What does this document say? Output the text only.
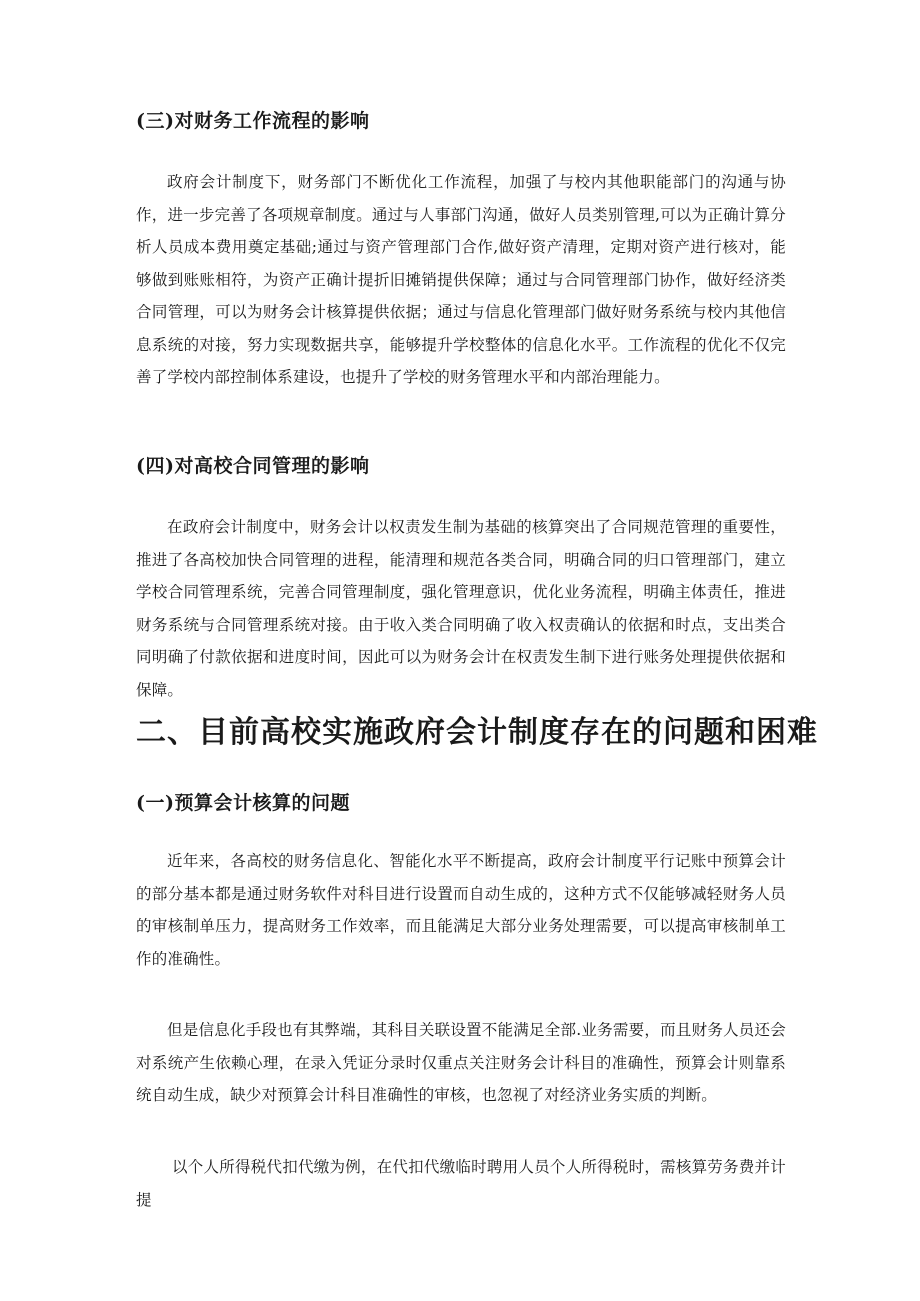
(三)对财务工作流程的影响

政府会计制度下，财务部门不断优化工作流程，加强了与校内其他职能部门的沟通与协作，进一步完善了各项规章制度。通过与人事部门沟通，做好人员类别管理,可以为正确计算分析人员成本费用奠定基础;通过与资产管理部门合作,做好资产清理，定期对资产进行核对，能够做到账账相符，为资产正确计提折旧摊销提供保障；通过与合同管理部门协作，做好经济类合同管理，可以为财务会计核算提供依据；通过与信息化管理部门做好财务系统与校内其他信息系统的对接，努力实现数据共享，能够提升学校整体的信息化水平。工作流程的优化不仅完善了学校内部控制体系建设，也提升了学校的财务管理水平和内部治理能力。

(四)对高校合同管理的影响

在政府会计制度中，财务会计以权责发生制为基础的核算突出了合同规范管理的重要性，推进了各高校加快合同管理的进程，能清理和规范各类合同，明确合同的归口管理部门，建立学校合同管理系统，完善合同管理制度，强化管理意识，优化业务流程，明确主体责任，推进财务系统与合同管理系统对接。由于收入类合同明确了收入权责确认的依据和时点，支出类合同明确了付款依据和进度时间，因此可以为财务会计在权责发生制下进行账务处理提供依据和保障。

二、目前高校实施政府会计制度存在的问题和困难
(一)预算会计核算的问题

近年来，各高校的财务信息化、智能化水平不断提高，政府会计制度平行记账中预算会计的部分基本都是通过财务软件对科目进行设置而自动生成的，这种方式不仅能够减轻财务人员的审核制单压力，提高财务工作效率，而且能满足大部分业务处理需要，可以提高审核制单工作的准确性。

但是信息化手段也有其弊端，其科目关联设置不能满足全部.业务需要，而且财务人员还会对系统产生依赖心理，在录入凭证分录时仅重点关注财务会计科目的准确性，预算会计则靠系统自动生成，缺少对预算会计科目准确性的审核，也忽视了对经济业务实质的判断。

以个人所得税代扣代缴为例，在代扣代缴临时聘用人员个人所得税时，需核算劳务费并计提
